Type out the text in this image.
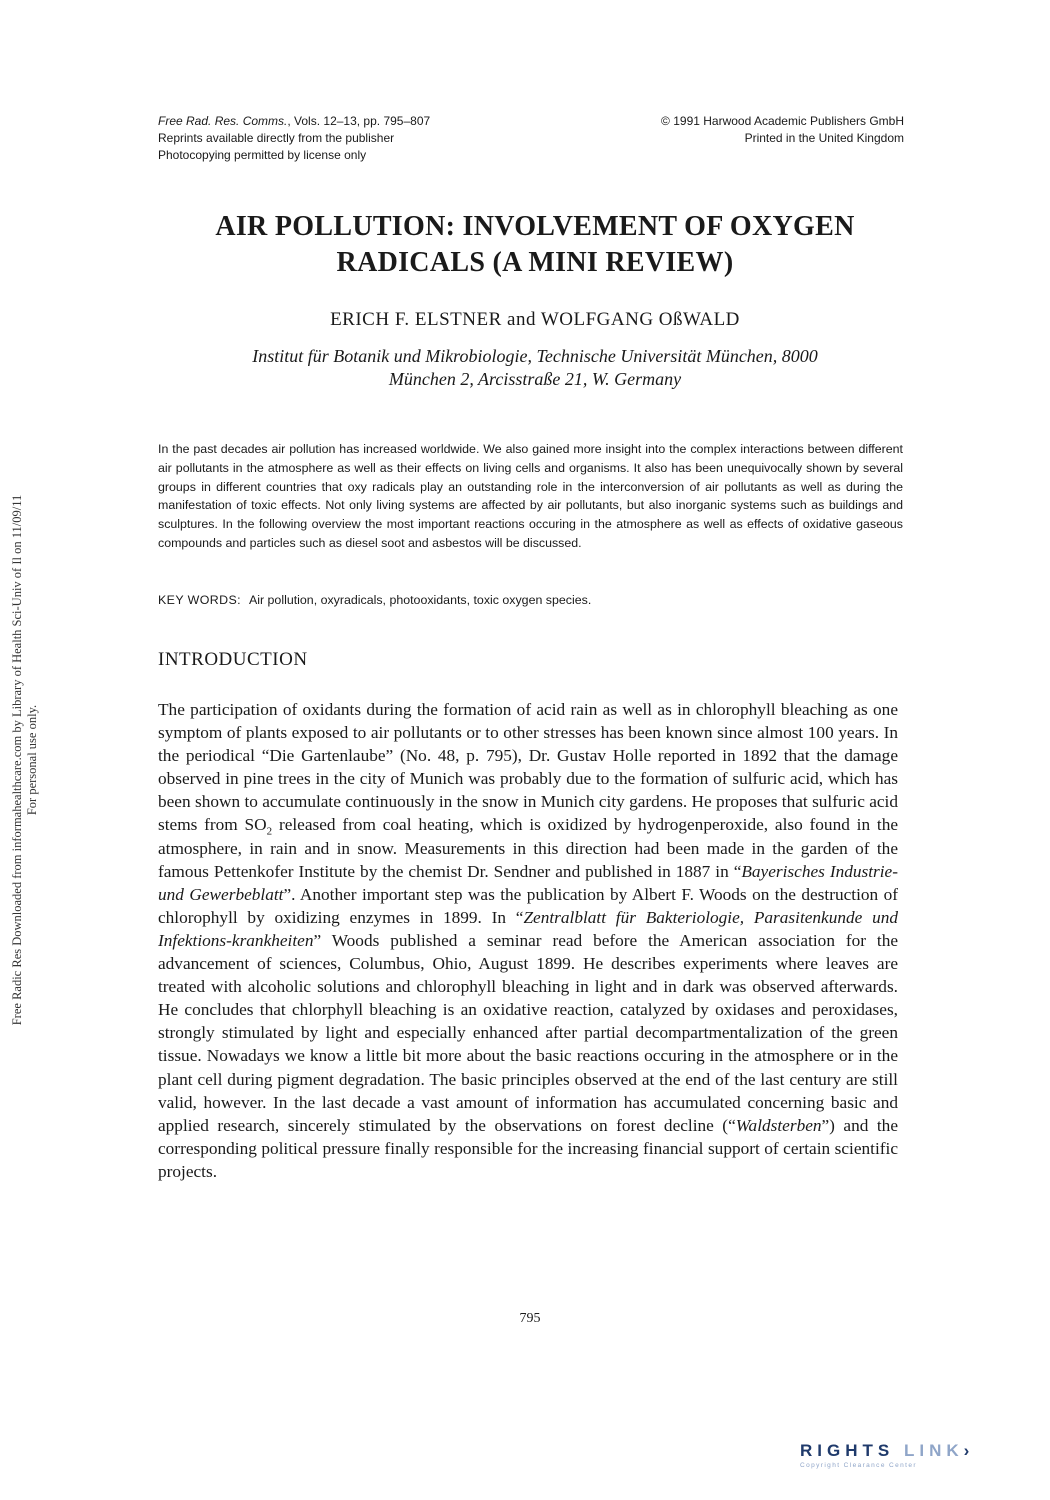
Free Rad. Res. Comms., Vols. 12–13, pp. 795–807
Reprints available directly from the publisher
Photocopying permitted by license only
© 1991 Harwood Academic Publishers GmbH
Printed in the United Kingdom
AIR POLLUTION: INVOLVEMENT OF OXYGEN
RADICALS (A MINI REVIEW)
ERICH F. ELSTNER and WOLFGANG OßWALD
Institut für Botanik und Mikrobiologie, Technische Universität München, 8000
München 2, Arcisstraße 21, W. Germany
In the past decades air pollution has increased worldwide. We also gained more insight into the complex interactions between different air pollutants in the atmosphere as well as their effects on living cells and organisms. It also has been unequivocally shown by several groups in different countries that oxy radicals play an outstanding role in the interconversion of air pollutants as well as during the manifestation of toxic effects. Not only living systems are affected by air pollutants, but also inorganic systems such as buildings and sculptures. In the following overview the most important reactions occuring in the atmosphere as well as effects of oxidative gaseous compounds and particles such as diesel soot and asbestos will be discussed.
KEY WORDS: Air pollution, oxyradicals, photooxidants, toxic oxygen species.
INTRODUCTION

The participation of oxidants during the formation of acid rain as well as in chlorophyll bleaching as one symptom of plants exposed to air pollutants or to other stresses has been known since almost 100 years. In the periodical “Die Gartenlaube” (No. 48, p. 795), Dr. Gustav Holle reported in 1892 that the damage observed in pine trees in the city of Munich was probably due to the formation of sulfuric acid, which has been shown to accumulate continuously in the snow in Munich city gardens. He proposes that sulfuric acid stems from $SO_2$ released from coal heating, which is oxidized by hydrogenperoxide, also found in the atmosphere, in rain and in snow. Measurements in this direction had been made in the garden of the famous Pettenkofer Institute by the chemist Dr. Sendner and published in 1887 in “Bayerisches Industrie- und Gewerbeblatt”. Another important step was the publication by Albert F. Woods on the destruction of chlorophyll by oxidizing enzymes in 1899. In “Zentralblatt für Bakteriologie, Parasitenkunde und Infektions-krankheiten” Woods published a seminar read before the American association for the advancement of sciences, Columbus, Ohio, August 1899. He describes experiments where leaves are treated with alcoholic solutions and chlorophyll bleaching in light and in dark was observed afterwards. He concludes that chlorphyll bleaching is an oxidative reaction, catalyzed by oxidases and peroxidases, strongly stimulated by light and especially enhanced after partial decompartmentalization of the green tissue. Nowadays we know a little bit more about the basic reactions occuring in the atmosphere or in the plant cell during pigment degradation. The basic principles observed at the end of the last century are still valid, however. In the last decade a vast amount of information has accumulated concerning basic and applied research, sincerely stimulated by the observations on forest decline (“Waldsterben”) and the corresponding political pressure finally responsible for the increasing financial support of certain scientific projects.

795
Free Radic Res Downloaded from informahealthcare.com by Library of Health Sci-Univ of Il on 11/09/11 For personal use only.
RIGHTS LINK›
Copyright Clearance Center
